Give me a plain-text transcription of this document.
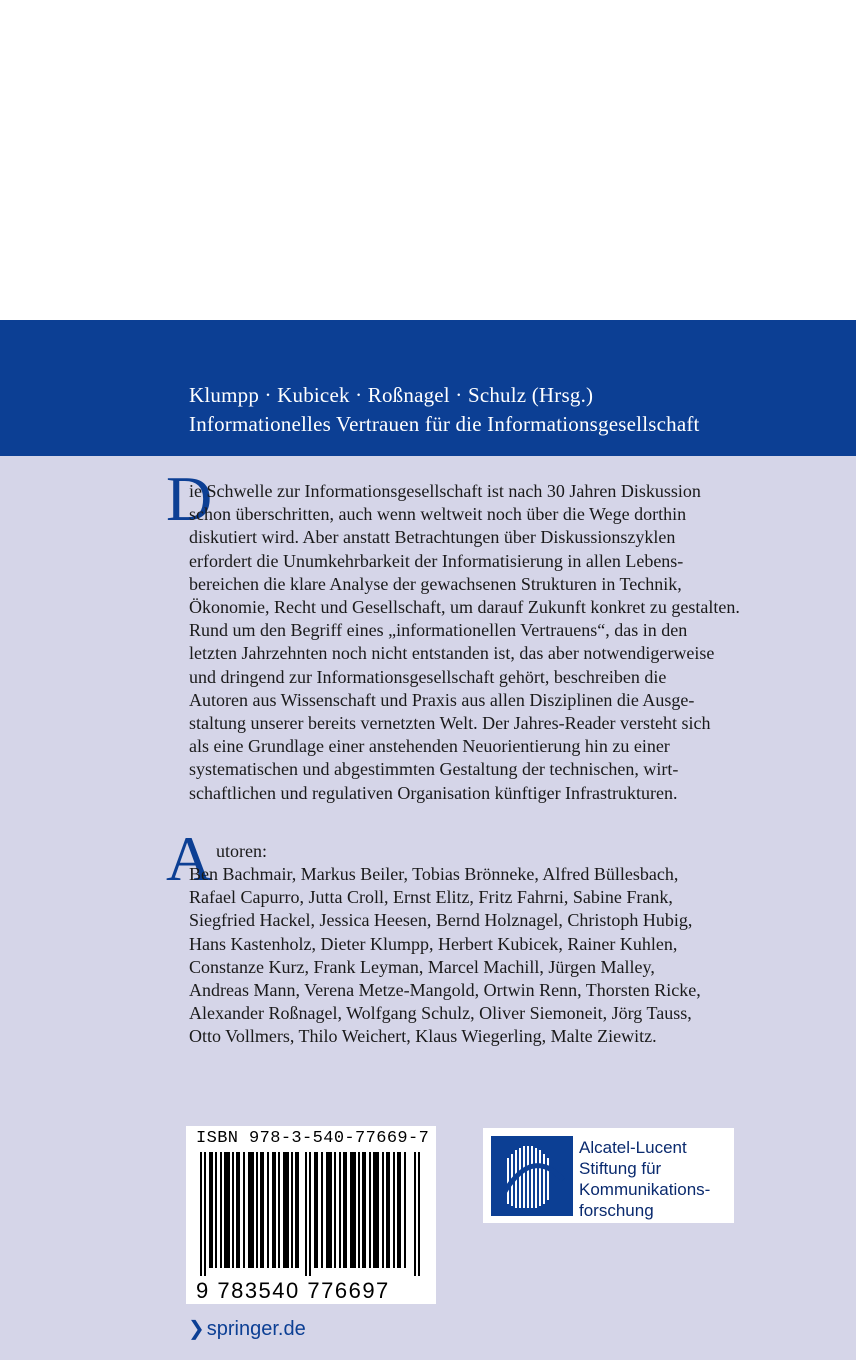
Klumpp · Kubicek · Roßnagel · Schulz (Hrsg.)
Informationelles Vertrauen für die Informationsgesellschaft
D
ie Schwelle zur Informationsgesellschaft ist nach 30 Jahren Diskussion
schon überschritten, auch wenn weltweit noch über die Wege dorthin
diskutiert wird. Aber anstatt Betrachtungen über Diskussionszyklen
erfordert die Unumkehrbarkeit der Informatisierung in allen Lebens-
bereichen die klare Analyse der gewachsenen Strukturen in Technik,
Ökonomie, Recht und Gesellschaft, um darauf Zukunft konkret zu gestalten.
Rund um den Begriff eines „informationellen Vertrauens“, das in den
letzten Jahrzehnten noch nicht entstanden ist, das aber notwendigerweise
und dringend zur Informationsgesellschaft gehört, beschreiben die
Autoren aus Wissenschaft und Praxis aus allen Disziplinen die Ausge-
staltung unserer bereits vernetzten Welt. Der Jahres-Reader versteht sich
als eine Grundlage einer anstehenden Neuorientierung hin zu einer
systematischen und abgestimmten Gestaltung der technischen, wirt-
schaftlichen und regulativen Organisation künftiger Infrastrukturen.
A utoren:
Ben Bachmair, Markus Beiler, Tobias Brönneke, Alfred Büllesbach,
Rafael Capurro, Jutta Croll, Ernst Elitz, Fritz Fahrni, Sabine Frank,
Siegfried Hackel, Jessica Heesen, Bernd Holznagel, Christoph Hubig,
Hans Kastenholz, Dieter Klumpp, Herbert Kubicek, Rainer Kuhlen,
Constanze Kurz, Frank Leyman, Marcel Machill, Jürgen Malley,
Andreas Mann, Verena Metze-Mangold, Ortwin Renn, Thorsten Ricke,
Alexander Roßnagel, Wolfgang Schulz, Oliver Siemoneit, Jörg Tauss,
Otto Vollmers, Thilo Weichert, Klaus Wiegerling, Malte Ziewitz.
ISBN 978-3-540-77669-7
9 783540 776697
Alcatel-Lucent
Stiftung für
Kommunikations-
forschung
❯ springer.de
